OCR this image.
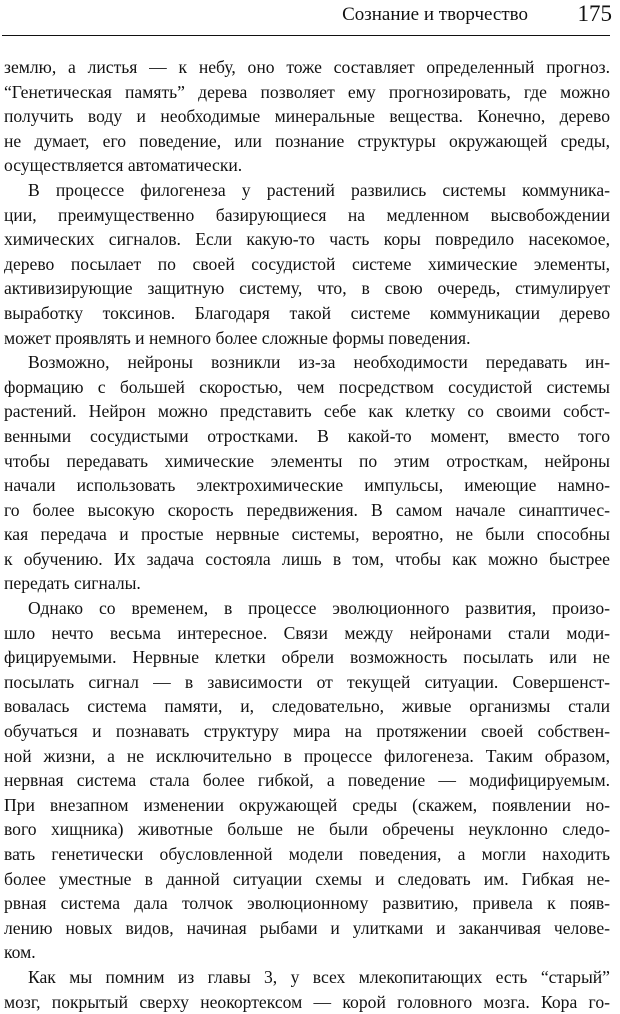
Сознание и творчество 175
землю, а листья — к небу, оно тоже составляет определенный прогноз.
“Генетическая память” дерева позволяет ему прогнозировать, где можно
получить воду и необходимые минеральные вещества. Конечно, дерево
не думает, его поведение, или познание структуры окружающей среды,
осуществляется автоматически.
В процессе филогенеза у растений развились системы коммуника-
ции, преимущественно базирующиеся на медленном высвобождении
химических сигналов. Если какую-то часть коры повредило насекомое,
дерево посылает по своей сосудистой системе химические элементы,
активизирующие защитную систему, что, в свою очередь, стимулирует
выработку токсинов. Благодаря такой системе коммуникации дерево
может проявлять и немного более сложные формы поведения.
Возможно, нейроны возникли из-за необходимости передавать ин-
формацию с большей скоростью, чем посредством сосудистой системы
растений. Нейрон можно представить себе как клетку со своими собст-
венными сосудистыми отростками. В какой-то момент, вместо того
чтобы передавать химические элементы по этим отросткам, нейроны
начали использовать электрохимические импульсы, имеющие намно-
го более высокую скорость передвижения. В самом начале синаптичес-
кая передача и простые нервные системы, вероятно, не были способны
к обучению. Их задача состояла лишь в том, чтобы как можно быстрее
передать сигналы.
Однако со временем, в процессе эволюционного развития, произо-
шло нечто весьма интересное. Связи между нейронами стали моди-
фицируемыми. Нервные клетки обрели возможность посылать или не
посылать сигнал — в зависимости от текущей ситуации. Совершенст-
вовалась система памяти, и, следовательно, живые организмы стали
обучаться и познавать структуру мира на протяжении своей собствен-
ной жизни, а не исключительно в процессе филогенеза. Таким образом,
нервная система стала более гибкой, а поведение — модифицируемым.
При внезапном изменении окружающей среды (скажем, появлении но-
вого хищника) животные больше не были обречены неуклонно следо-
вать генетически обусловленной модели поведения, а могли находить
более уместные в данной ситуации схемы и следовать им. Гибкая не-
рвная система дала толчок эволюционному развитию, привела к появ-
лению новых видов, начиная рыбами и улитками и заканчивая челове-
ком.
Как мы помним из главы 3, у всех млекопитающих есть “старый”
мозг, покрытый сверху неокортексом — корой головного мозга. Кора го-
